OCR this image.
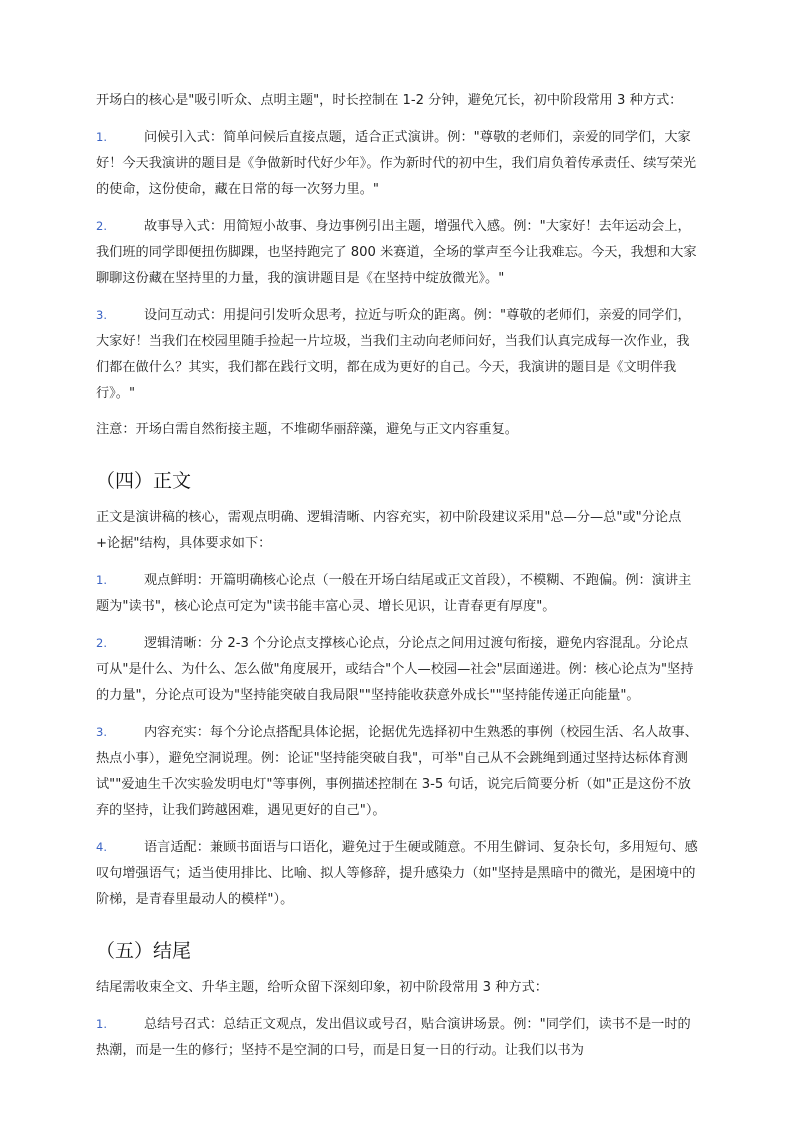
开场白的核心是"吸引听众、点明主题"，时长控制在 1-2 分钟，避免冗长，初中阶段常用 3 种方式：

1.	问候引入式：简单问候后直接点题，适合正式演讲。例："尊敬的老师们，亲爱的同学们，大家好！今天我演讲的题目是《争做新时代好少年》。作为新时代的初中生，我们肩负着传承责任、续写荣光的使命，这份使命，藏在日常的每一次努力里。"
2.	故事导入式：用简短小故事、身边事例引出主题，增强代入感。例："大家好！去年运动会上，我们班的同学即便扭伤脚踝，也坚持跑完了 800 米赛道，全场的掌声至今让我难忘。今天，我想和大家聊聊这份藏在坚持里的力量，我的演讲题目是《在坚持中绽放微光》。"
3.	设问互动式：用提问引发听众思考，拉近与听众的距离。例："尊敬的老师们，亲爱的同学们，大家好！当我们在校园里随手捡起一片垃圾，当我们主动向老师问好，当我们认真完成每一次作业，我们都在做什么？其实，我们都在践行文明，都在成为更好的自己。今天，我演讲的题目是《文明伴我行》。"

注意：开场白需自然衔接主题，不堆砌华丽辞藻，避免与正文内容重复。

（四）正文

正文是演讲稿的核心，需观点明确、逻辑清晰、内容充实，初中阶段建议采用"总—分—总"或"分论点+论据"结构，具体要求如下：

1.	观点鲜明：开篇明确核心论点（一般在开场白结尾或正文首段），不模糊、不跑偏。例：演讲主题为"读书"，核心论点可定为"读书能丰富心灵、增长见识，让青春更有厚度"。
2.	逻辑清晰：分 2-3 个分论点支撑核心论点，分论点之间用过渡句衔接，避免内容混乱。分论点可从"是什么、为什么、怎么做"角度展开，或结合"个人—校园—社会"层面递进。例：核心论点为"坚持的力量"，分论点可设为"坚持能突破自我局限""坚持能收获意外成长""坚持能传递正向能量"。
3.	内容充实：每个分论点搭配具体论据，论据优先选择初中生熟悉的事例（校园生活、名人故事、热点小事），避免空洞说理。例：论证"坚持能突破自我"，可举"自己从不会跳绳到通过坚持达标体育测试""爱迪生千次实验发明电灯"等事例，事例描述控制在 3-5 句话，说完后简要分析（如"正是这份不放弃的坚持，让我们跨越困难，遇见更好的自己"）。
4.	语言适配：兼顾书面语与口语化，避免过于生硬或随意。不用生僻词、复杂长句，多用短句、感叹句增强语气；适当使用排比、比喻、拟人等修辞，提升感染力（如"坚持是黑暗中的微光，是困境中的阶梯，是青春里最动人的模样"）。
（五）结尾

结尾需收束全文、升华主题，给听众留下深刻印象，初中阶段常用 3 种方式：

1.	总结号召式：总结正文观点，发出倡议或号召，贴合演讲场景。例："同学们，读书不是一时的热潮，而是一生的修行；坚持不是空洞的口号，而是日复一日的行动。让我们以书为
